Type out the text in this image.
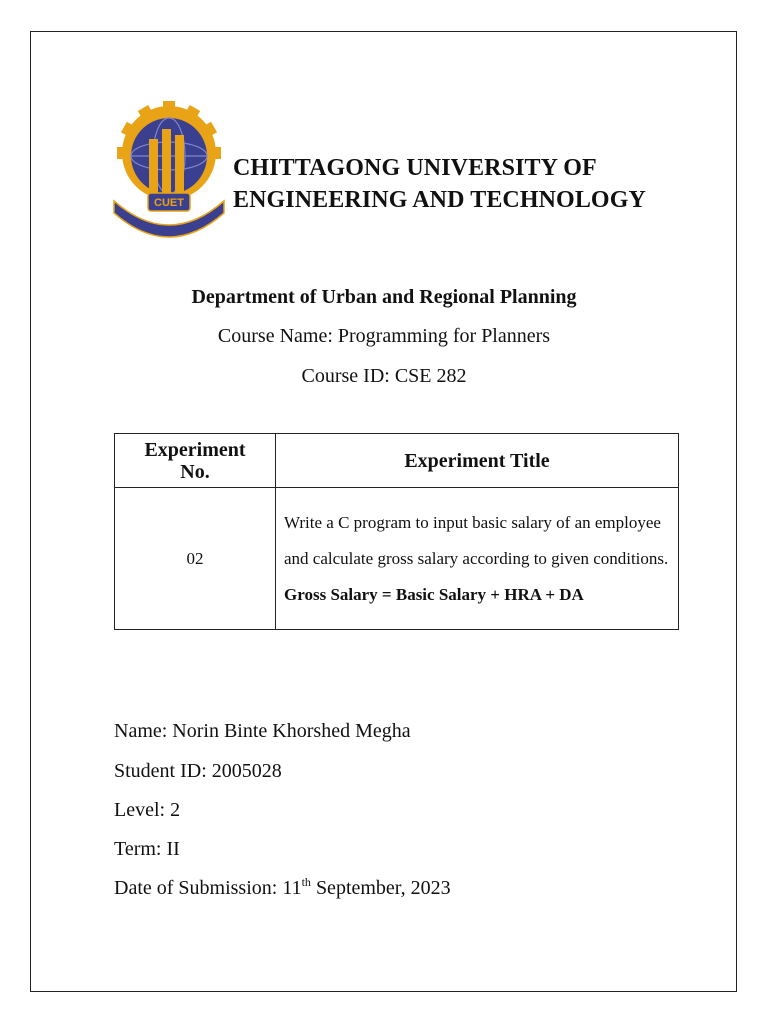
CUET
CHITTAGONG UNIVERSITY OF
ENGINEERING AND TECHNOLOGY
Department of Urban and Regional Planning
Course Name: Programming for Planners
Course ID: CSE 282
Experiment
No.	Experiment Title
02	Write a C program to input basic salary of an employee and calculate gross salary according to given conditions. Gross Salary = Basic Salary + HRA + DA
Name: Norin Binte Khorshed Megha
Student ID: 2005028
Level: 2
Term: II
Date of Submission: 11th September, 2023
